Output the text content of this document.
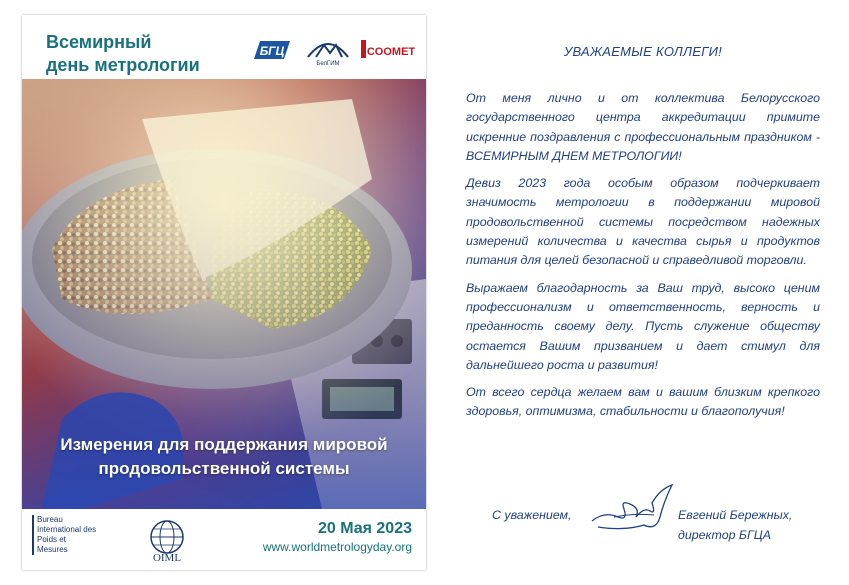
Всемирный
день метрологии
БГЦ
БелГИМ
COOMET
Измерения для поддержания мировой
продовольственной системы
Bureau
International des
Poids et
Mesures
OIML
20 Мая 2023
www.worldmetrologyday.org
УВАЖАЕМЫЕ КОЛЛЕГИ!

От меня лично и от коллектива Белорусского государственного центра аккредитации примите искренние поздравления с профессиональным праздником - ВСЕМИРНЫМ ДНЕМ МЕТРОЛОГИИ!

Девиз 2023 года особым образом подчеркивает значимость метрологии в поддержании мировой продовольственной системы посредством надежных измерений количества и качества сырья и продуктов питания для целей безопасной и справедливой торговли.

Выражаем благодарность за Ваш труд, высоко ценим профессионализм и ответственность, верность и преданность своему делу. Пусть служение обществу остается Вашим призванием и дает стимул для дальнейшего роста и развития!

От всего сердца желаем вам и вашим близким крепкого здоровья, оптимизма, стабильности и благополучия!

С уважением,	Евгений Бережных,
директор БГЦА
